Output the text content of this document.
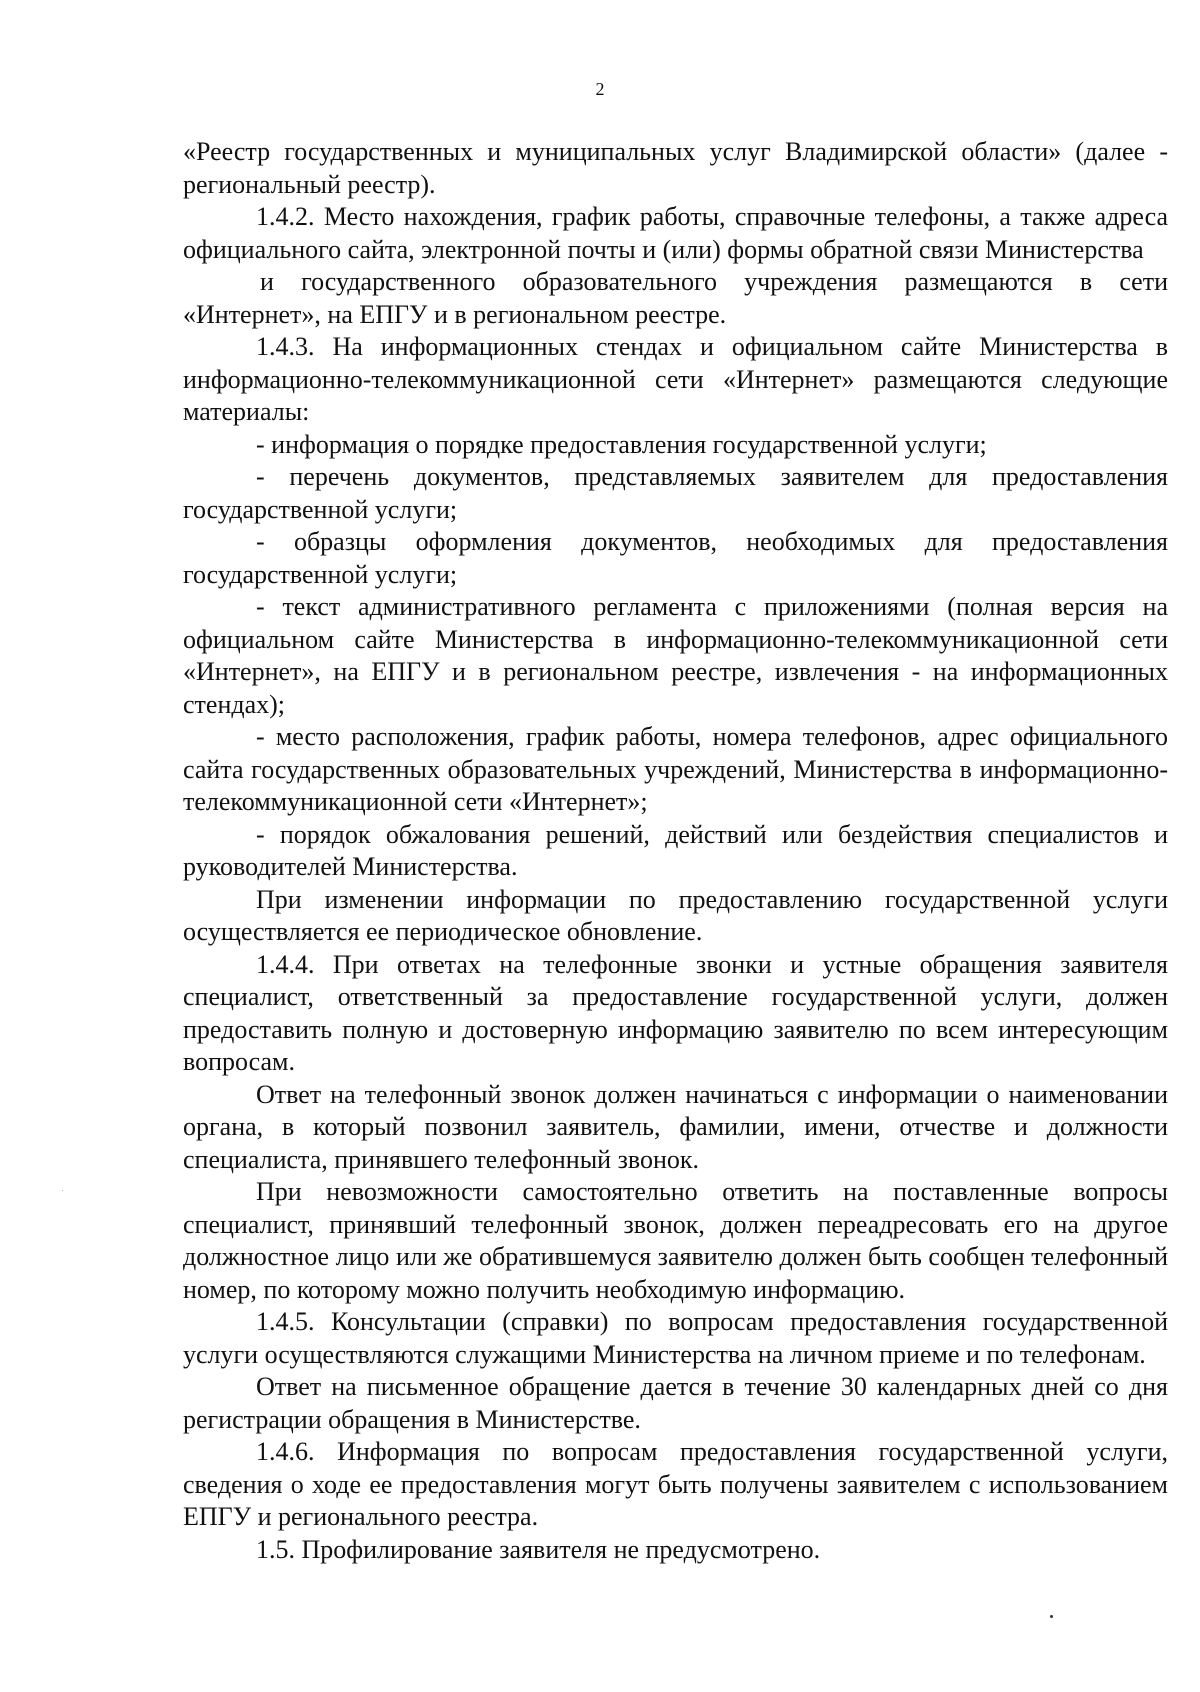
2

«Реестр государственных и муниципальных услуг Владимирской области» (далее - региональный реестр).

1.4.2. Место нахождения, график работы, справочные телефоны, а также адреса официального сайта, электронной почты и (или) формы обратной связи Министерства

и государственного образовательного учреждения размещаются в сети «Интернет», на ЕПГУ и в региональном реестре.

1.4.3. На информационных стендах и официальном сайте Министерства в информационно-телекоммуникационной сети «Интернет» размещаются следующие материалы:

- информация о порядке предоставления государственной услуги;

- перечень документов, представляемых заявителем для предоставления государственной услуги;

- образцы оформления документов, необходимых для предоставления государственной услуги;

- текст административного регламента с приложениями (полная версия на официальном сайте Министерства в информационно-телекоммуникационной сети «Интернет», на ЕПГУ и в региональном реестре, извлечения - на информационных стендах);

- место расположения, график работы, номера телефонов, адрес официального сайта государственных образовательных учреждений, Министерства в информационно-телекоммуникационной сети «Интернет»;

- порядок обжалования решений, действий или бездействия специалистов и руководителей Министерства.

При изменении информации по предоставлению государственной услуги осуществляется ее периодическое обновление.

1.4.4. При ответах на телефонные звонки и устные обращения заявителя специалист, ответственный за предоставление государственной услуги, должен предоставить полную и достоверную информацию заявителю по всем интересующим вопросам.

Ответ на телефонный звонок должен начинаться с информации о наименовании органа, в который позвонил заявитель, фамилии, имени, отчестве и должности специалиста, принявшего телефонный звонок.

При невозможности самостоятельно ответить на поставленные вопросы специалист, принявший телефонный звонок, должен переадресовать его на другое должностное лицо или же обратившемуся заявителю должен быть сообщен телефонный номер, по которому можно получить необходимую информацию.

1.4.5. Консультации (справки) по вопросам предоставления государственной услуги осуществляются служащими Министерства на личном приеме и по телефонам.

Ответ на письменное обращение дается в течение 30 календарных дней со дня регистрации обращения в Министерстве.

1.4.6. Информация по вопросам предоставления государственной услуги, сведения о ходе ее предоставления могут быть получены заявителем с использованием ЕПГУ и регионального реестра.

1.5. Профилирование заявителя не предусмотрено.
